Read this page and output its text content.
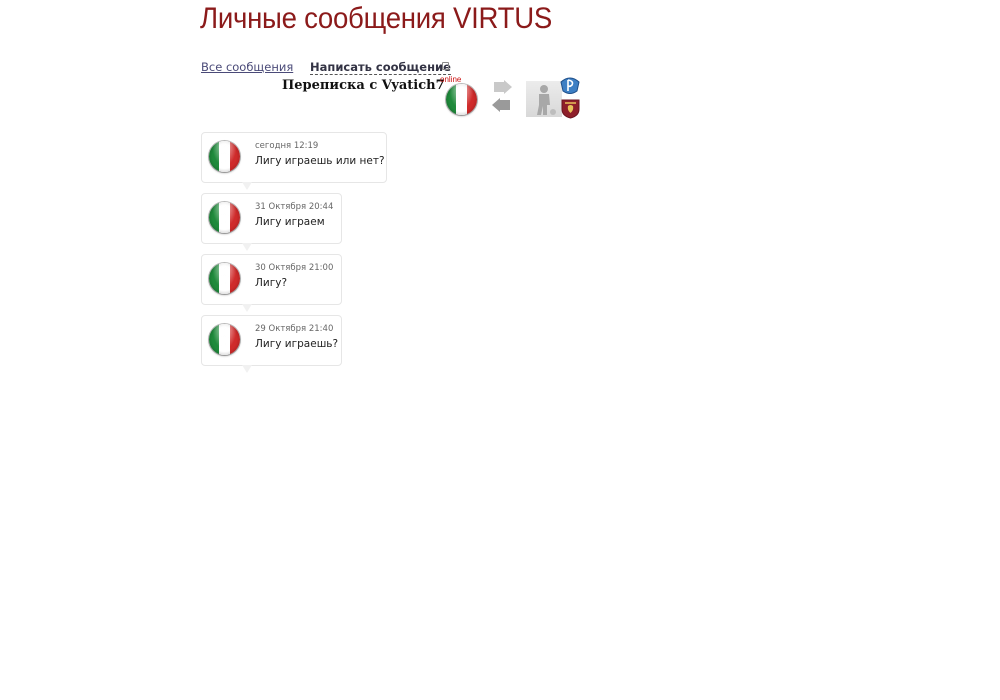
Личные сообщения VIRTUS
Все сообщения Написать сообщение
Переписка с Vyatich7
online
сегодня 12:19
Лигу играешь или нет?
31 Октября 20:44
Лигу играем
30 Октября 21:00
Лигу?
29 Октября 21:40
Лигу играешь?
